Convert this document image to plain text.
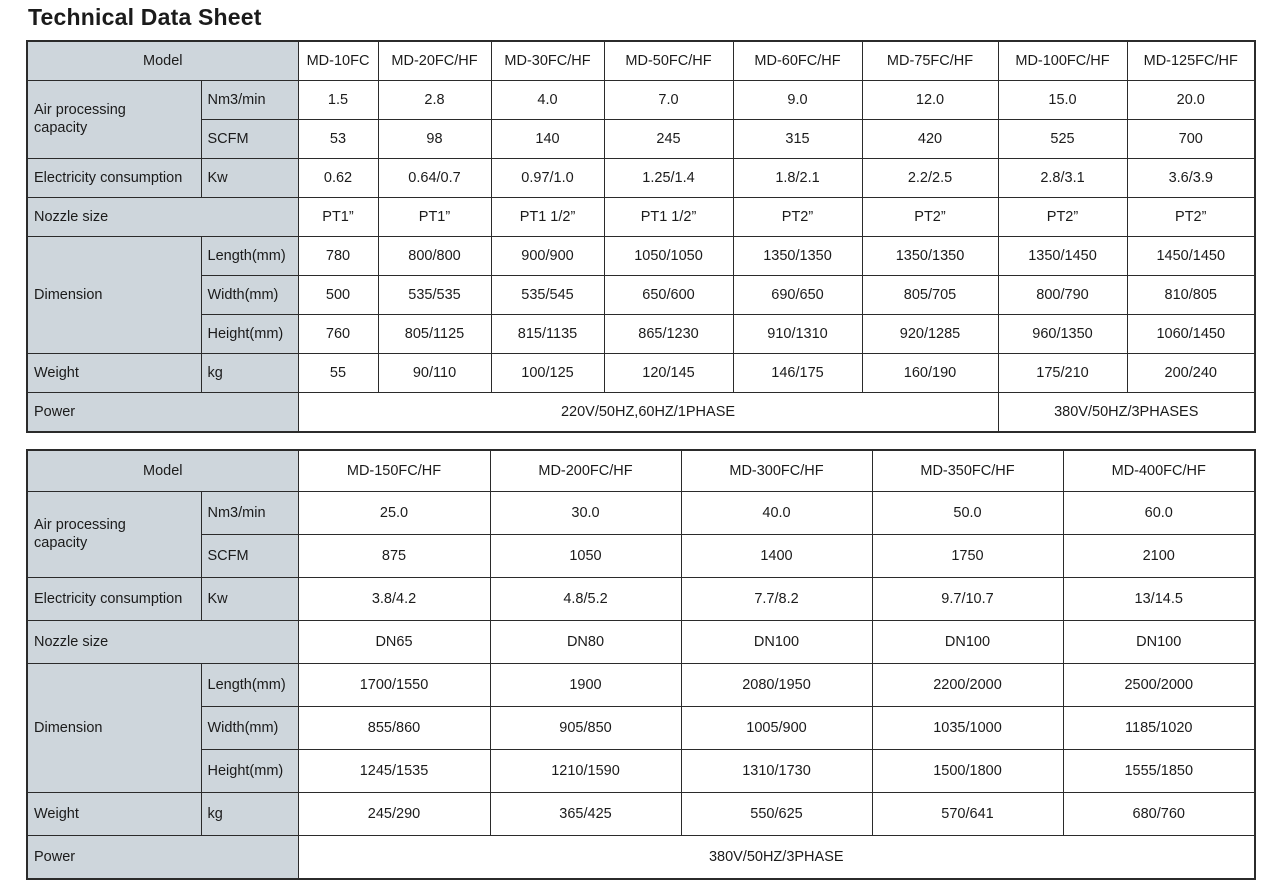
Technical Data Sheet
Model		MD-10FC	MD-20FC/HF	MD-30FC/HF	MD-50FC/HF	MD-60FC/HF	MD-75FC/HF	MD-100FC/HF	MD-125FC/HF
Air processing
capacity	Nm3/min	1.5	2.8	4.0	7.0	9.0	12.0	15.0	20.0
	SCFM	53	98	140	245	315	420	525	700
Electricity consumption	Kw	0.62	0.64/0.7	0.97/1.0	1.25/1.4	1.8/2.1	2.2/2.5	2.8/3.1	3.6/3.9
Nozzle size		PT1”	PT1”	PT1 1/2”	PT1 1/2”	PT2”	PT2”	PT2”	PT2”
Dimension	Length(mm)	780	800/800	900/900	1050/1050	1350/1350	1350/1350	1350/1450	1450/1450
	Width(mm)	500	535/535	535/545	650/600	690/650	805/705	800/790	810/805
	Height(mm)	760	805/1125	815/1135	865/1230	910/1310	920/1285	960/1350	1060/1450
Weight	kg	55	90/110	100/125	120/145	146/175	160/190	175/210	200/240
Power		220V/50HZ,60HZ/1PHASE						380V/50HZ/3PHASES	
Model		MD-150FC/HF	MD-200FC/HF	MD-300FC/HF	MD-350FC/HF	MD-400FC/HF
Air processing
capacity	Nm3/min	25.0	30.0	40.0	50.0	60.0
	SCFM	875	1050	1400	1750	2100
Electricity consumption	Kw	3.8/4.2	4.8/5.2	7.7/8.2	9.7/10.7	13/14.5
Nozzle size		DN65	DN80	DN100	DN100	DN100
Dimension	Length(mm)	1700/1550	1900	2080/1950	2200/2000	2500/2000
	Width(mm)	855/860	905/850	1005/900	1035/1000	1185/1020
	Height(mm)	1245/1535	1210/1590	1310/1730	1500/1800	1555/1850
Weight	kg	245/290	365/425	550/625	570/641	680/760
Power		380V/50HZ/3PHASE				
